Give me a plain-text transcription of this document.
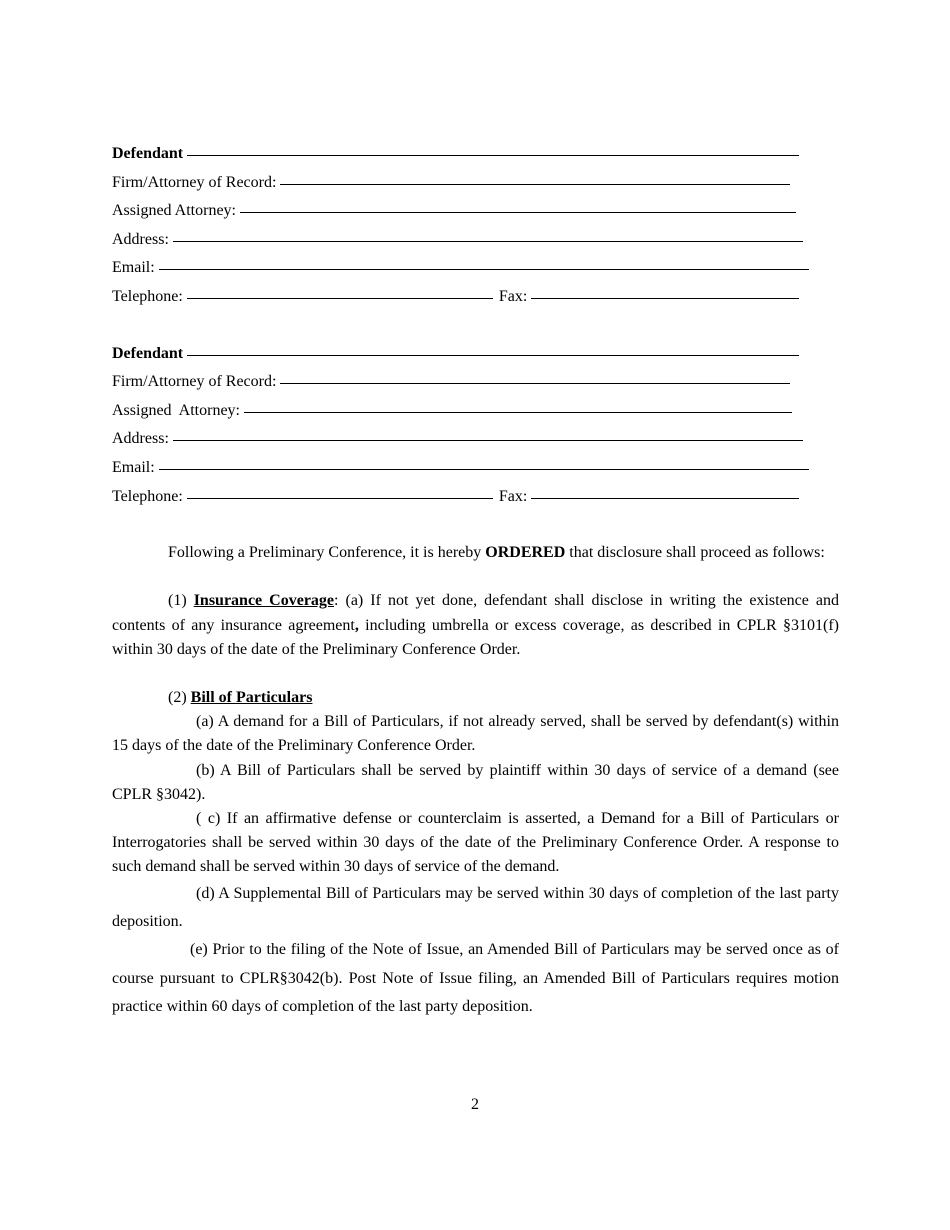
Defendant
Firm/Attorney of Record:
Assigned Attorney:
Address:
Email:
Telephone:	Fax:
Defendant
Firm/Attorney of Record:
Assigned  Attorney:
Address:
Email:
Telephone:	Fax:

Following a Preliminary Conference, it is hereby ORDERED that disclosure shall proceed as follows:

(1) Insurance Coverage: (a) If not yet done, defendant shall disclose in writing the existence and contents of any insurance agreement, including umbrella or excess coverage, as described in CPLR §3101(f) within 30 days of the date of the Preliminary Conference Order.

(2) Bill of Particulars

(a) A demand for a Bill of Particulars, if not already served, shall be served by defendant(s) within 15 days of the date of the Preliminary Conference Order.

(b) A Bill of Particulars shall be served by plaintiff within 30 days of service of a demand (see CPLR §3042).

( c) If an affirmative defense or counterclaim is asserted, a Demand for a Bill of Particulars or Interrogatories shall be served within 30 days of the date of the Preliminary Conference Order. A response to such demand shall be served within 30 days of service of the demand.

(d) A Supplemental Bill of Particulars may be served within 30 days of completion of the last party deposition.

(e) Prior to the filing of the Note of Issue, an Amended Bill of Particulars may be served once as of course pursuant to CPLR§3042(b). Post Note of Issue filing, an Amended Bill of Particulars requires motion practice within 60 days of completion of the last party deposition.

2
